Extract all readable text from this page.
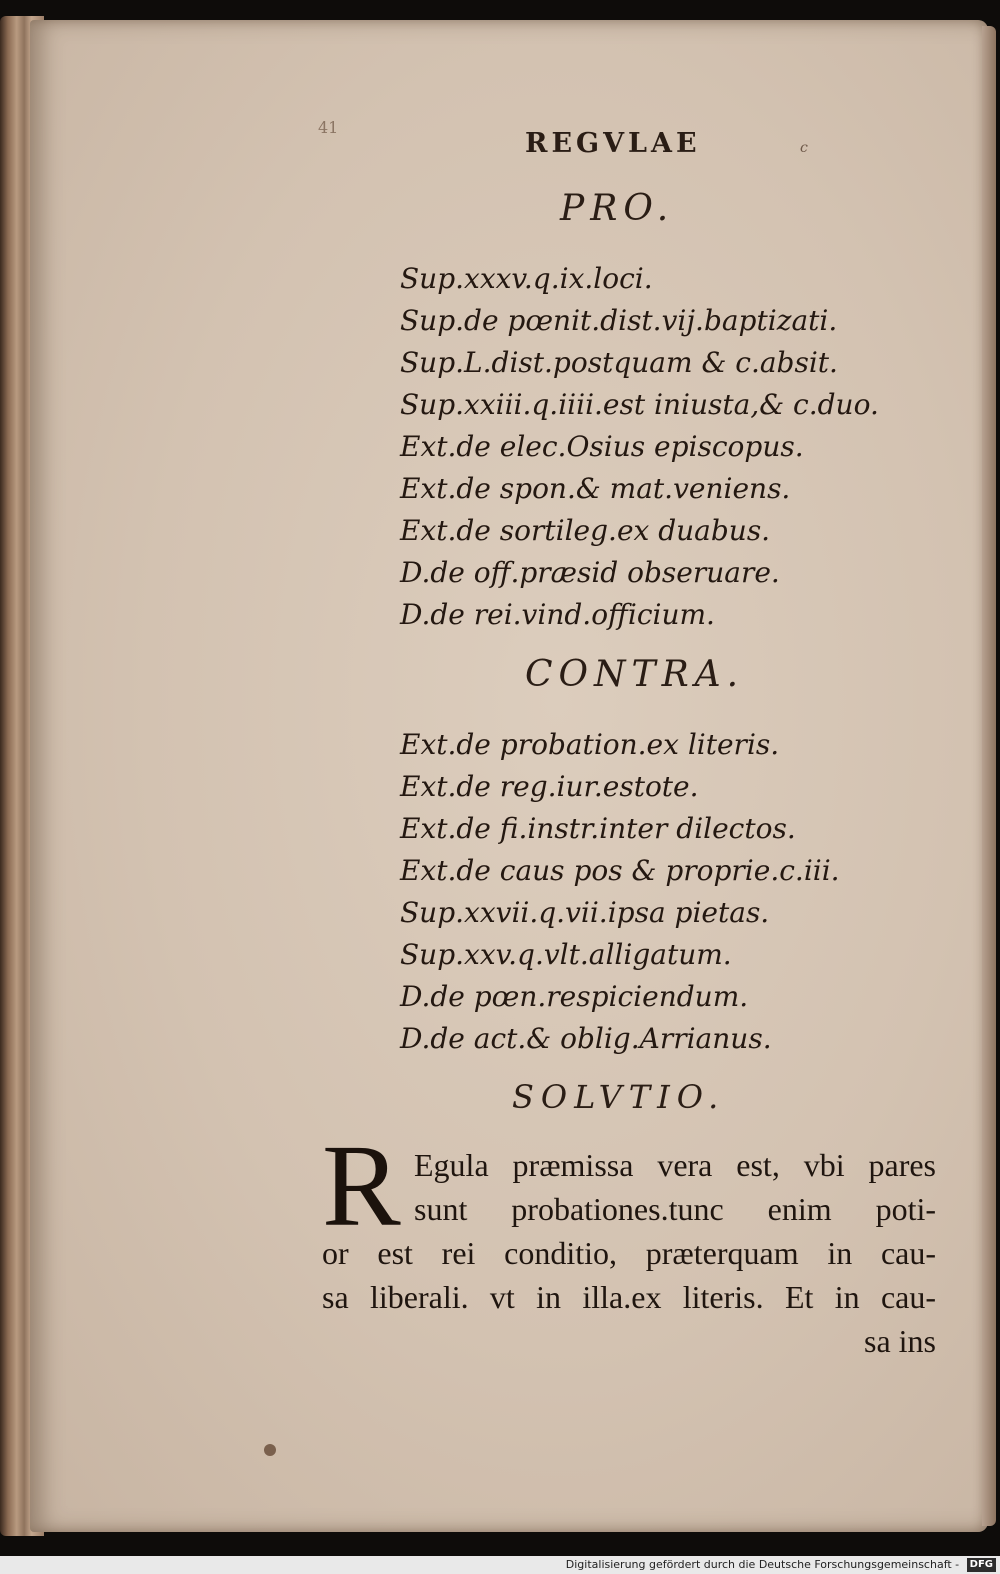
41
REGVLAE	c
PRO.
Sup.xxxv.q.ix.loci.
Sup.de pœnit.dist.vij.baptizati.
Sup.L.dist.postquam & c.absit.
Sup.xxiii.q.iiii.est iniusta,& c.duo.
Ext.de elec.Osius episcopus.
Ext.de spon.& mat.veniens.
Ext.de sortileg.ex duabus.
D.de off.præsid obseruare.
D.de rei.vind.officium.
CONTRA.
Ext.de probation.ex literis.
Ext.de reg.iur.estote.
Ext.de fi.instr.inter dilectos.
Ext.de caus pos & proprie.c.iii.
Sup.xxvii.q.vii.ipsa pietas.
Sup.xxv.q.vlt.alligatum.
D.de pœn.respiciendum.
D.de act.& oblig.Arrianus.
SOLVTIO.
R Egula præmissa vera est, vbi pares
sunt probationes.tunc enim poti-
or est rei conditio, præterquam in cau-
sa liberali. vt in illa.ex literis. Et in cau-
sa ins
Digitalisierung gefördert durch die Deutsche Forschungsgemeinschaft - DFG
